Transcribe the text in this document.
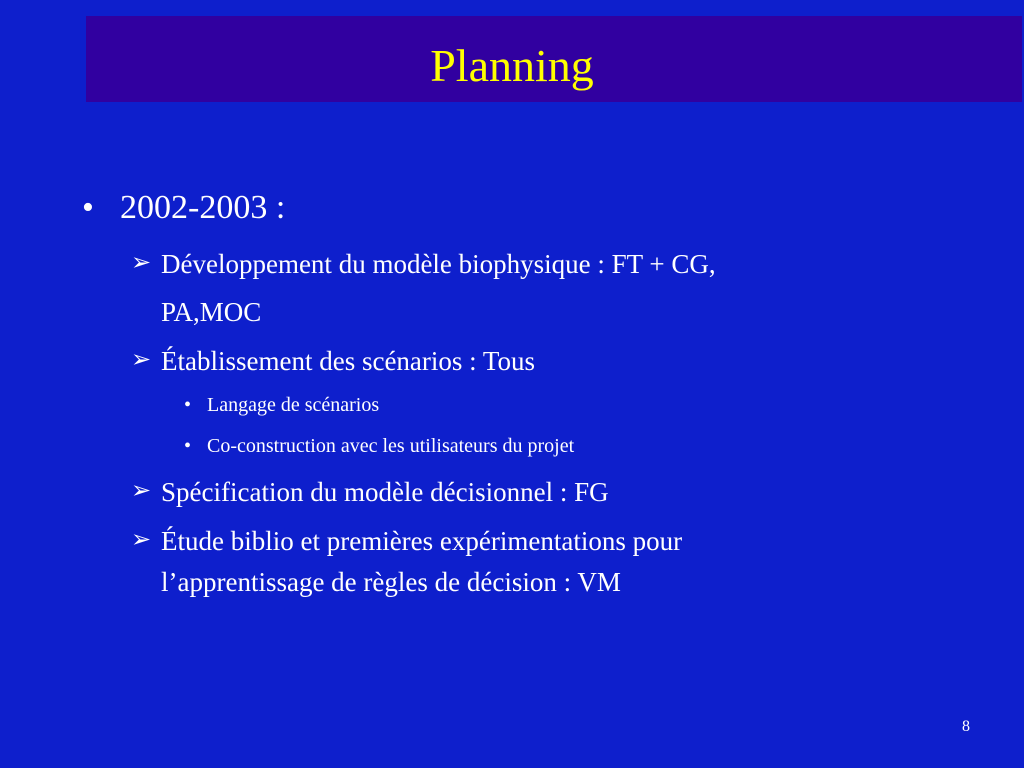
Planning
• 2002-2003 :
➢ Développement du modèle biophysique : FT + CG,
PA,MOC
➢ Établissement des scénarios : Tous
• Langage de scénarios
• Co-construction avec les utilisateurs du projet
➢ Spécification du modèle décisionnel : FG
➢ Étude biblio et premières expérimentations pour
l’apprentissage de règles de décision : VM
8
